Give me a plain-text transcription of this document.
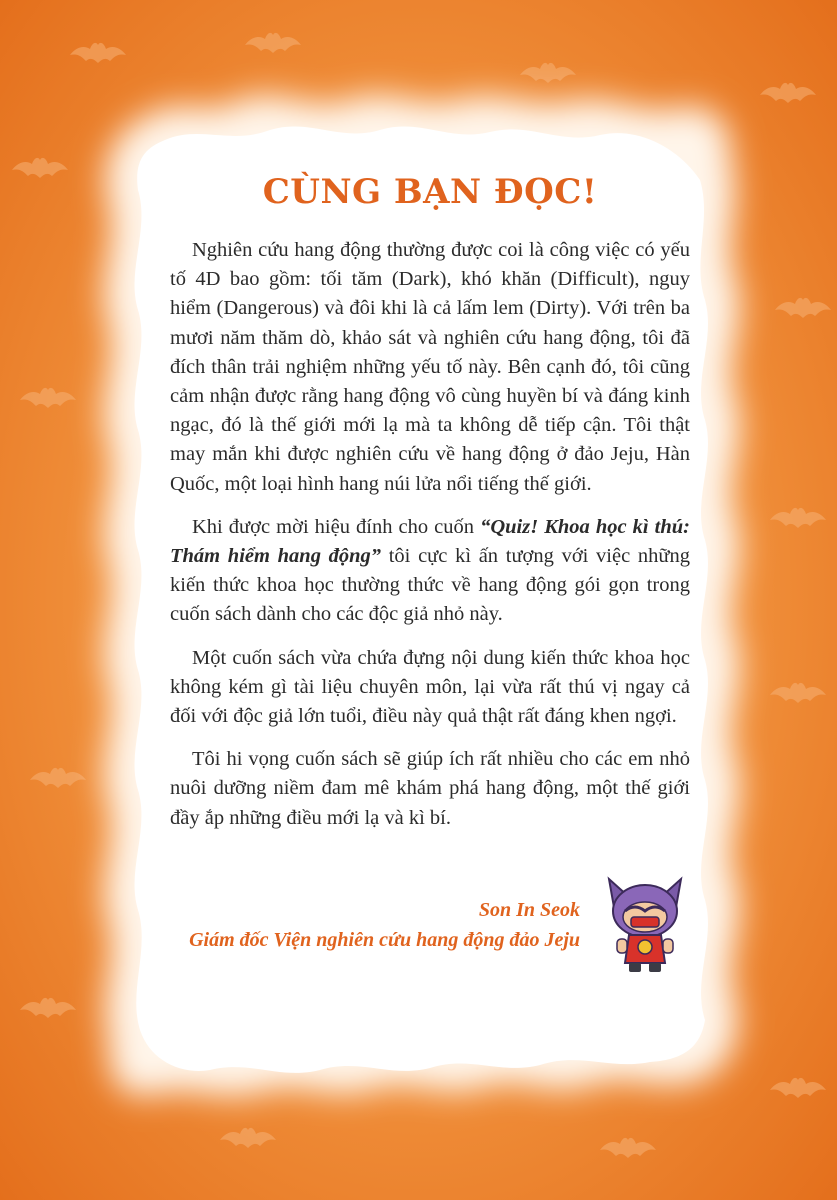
CÙNG BẠN ĐỌC!

Nghiên cứu hang động thường được coi là công việc có yếu tố 4D bao gồm: tối tăm (Dark), khó khăn (Difficult), nguy hiểm (Dangerous) và đôi khi là cả lấm lem (Dirty). Với trên ba mươi năm thăm dò, khảo sát và nghiên cứu hang động, tôi đã đích thân trải nghiệm những yếu tố này. Bên cạnh đó, tôi cũng cảm nhận được rằng hang động vô cùng huyền bí và đáng kinh ngạc, đó là thế giới mới lạ mà ta không dễ tiếp cận. Tôi thật may mắn khi được nghiên cứu về hang động ở đảo Jeju, Hàn Quốc, một loại hình hang núi lửa nổi tiếng thế giới.

Khi được mời hiệu đính cho cuốn “Quiz! Khoa học kì thú: Thám hiểm hang động” tôi cực kì ấn tượng với việc những kiến thức khoa học thường thức về hang động gói gọn trong cuốn sách dành cho các độc giả nhỏ này.

Một cuốn sách vừa chứa đựng nội dung kiến thức khoa học không kém gì tài liệu chuyên môn, lại vừa rất thú vị ngay cả đối với độc giả lớn tuổi, điều này quả thật rất đáng khen ngợi.

Tôi hi vọng cuốn sách sẽ giúp ích rất nhiều cho các em nhỏ nuôi dưỡng niềm đam mê khám phá hang động, một thế giới đầy ắp những điều mới lạ và kì bí.

Son In Seok
Giám đốc Viện nghiên cứu hang động đảo Jeju
